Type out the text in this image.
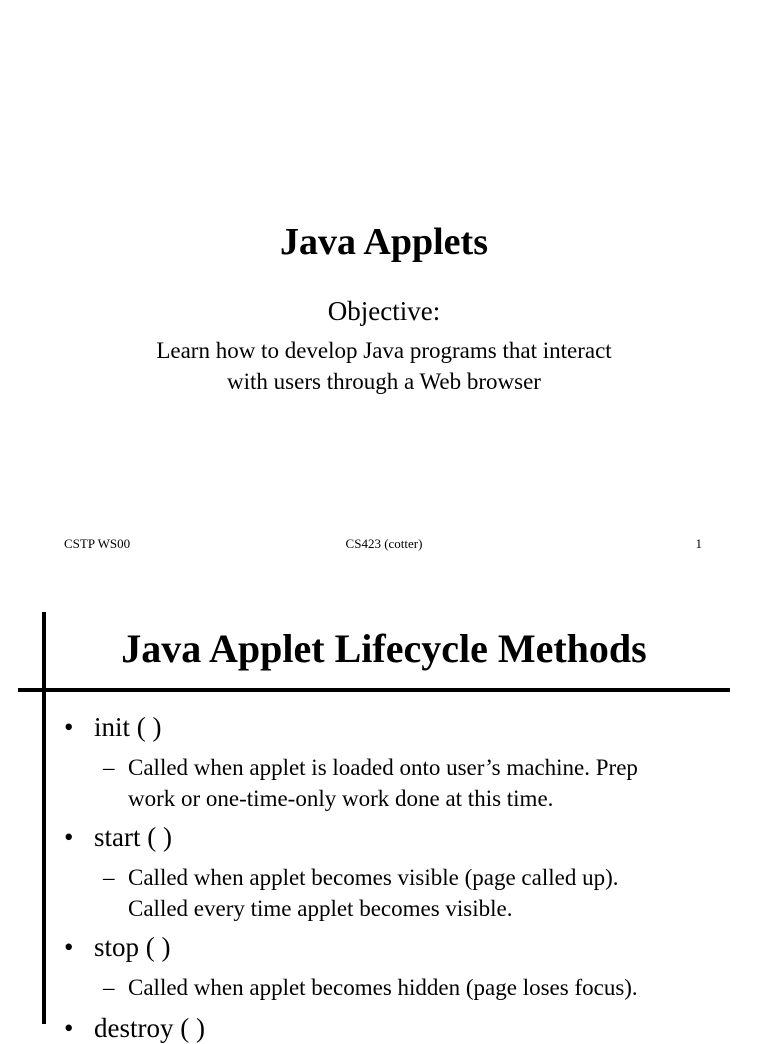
Java Applets
Objective:
Learn how to develop Java programs that interact
with users through a Web browser
CSTP WS00	CS423 (cotter)	1
Java Applet Lifecycle Methods
• init ( )
– Called when applet is loaded onto user’s machine. Prep
work or one-time-only work done at this time.
• start ( )
– Called when applet becomes visible (page called up).
Called every time applet becomes visible.
• stop ( )
– Called when applet becomes hidden (page loses focus).
• destroy ( )
